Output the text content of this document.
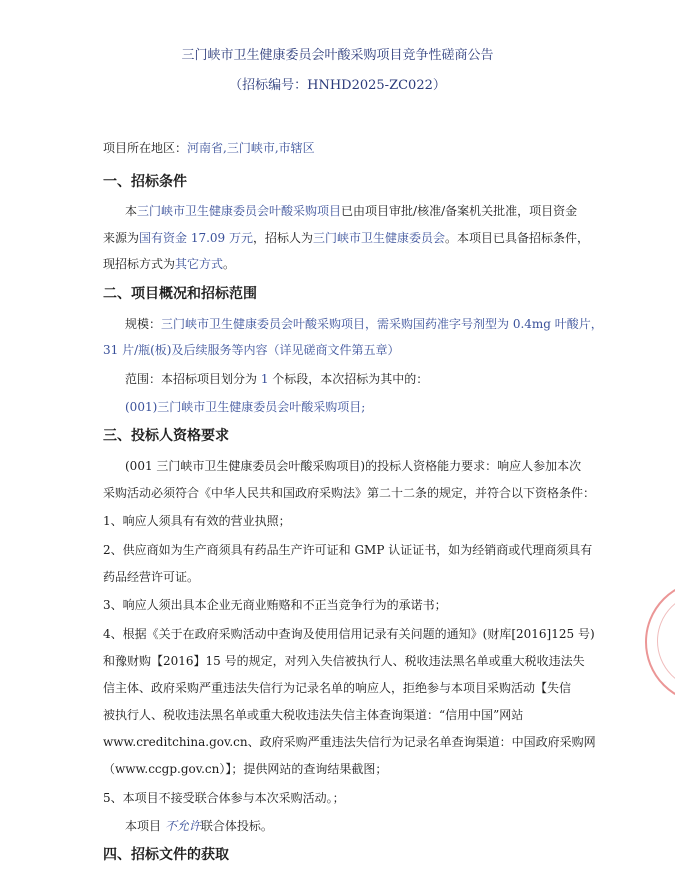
三门峡市卫生健康委员会叶酸采购项目竞争性磋商公告
（招标编号：HNHD2025-ZC022）
项目所在地区：河南省,三门峡市,市辖区
一、招标条件
本三门峡市卫生健康委员会叶酸采购项目已由项目审批/核准/备案机关批准，项目资金
来源为国有资金 17.09 万元，招标人为三门峡市卫生健康委员会。本项目已具备招标条件，
现招标方式为其它方式。
二、项目概况和招标范围
规模：三门峡市卫生健康委员会叶酸采购项目，需采购国药准字号剂型为 0.4mg 叶酸片，
31 片/瓶(板)及后续服务等内容（详见磋商文件第五章）
范围：本招标项目划分为 1 个标段，本次招标为其中的：
(001)三门峡市卫生健康委员会叶酸采购项目;
三、投标人资格要求
(001 三门峡市卫生健康委员会叶酸采购项目)的投标人资格能力要求：响应人参加本次
采购活动必须符合《中华人民共和国政府采购法》第二十二条的规定，并符合以下资格条件：
1、响应人须具有有效的营业执照；
2、供应商如为生产商须具有药品生产许可证和 GMP 认证证书，如为经销商或代理商须具有
药品经营许可证。
3、响应人须出具本企业无商业贿赂和不正当竞争行为的承诺书；
4、根据《关于在政府采购活动中查询及使用信用记录有关问题的通知》(财库[2016]125 号)
和豫财购【2016】15 号的规定，对列入失信被执行人、税收违法黑名单或重大税收违法失
信主体、政府采购严重违法失信行为记录名单的响应人，拒绝参与本项目采购活动【失信
被执行人、税收违法黑名单或重大税收违法失信主体查询渠道：“信用中国”网站
www.creditchina.gov.cn、政府采购严重违法失信行为记录名单查询渠道：中国政府采购网
（www.ccgp.gov.cn）】；提供网站的查询结果截图；
5、本项目不接受联合体参与本次采购活动。；
本项目 不允许联合体投标。
四、招标文件的获取
